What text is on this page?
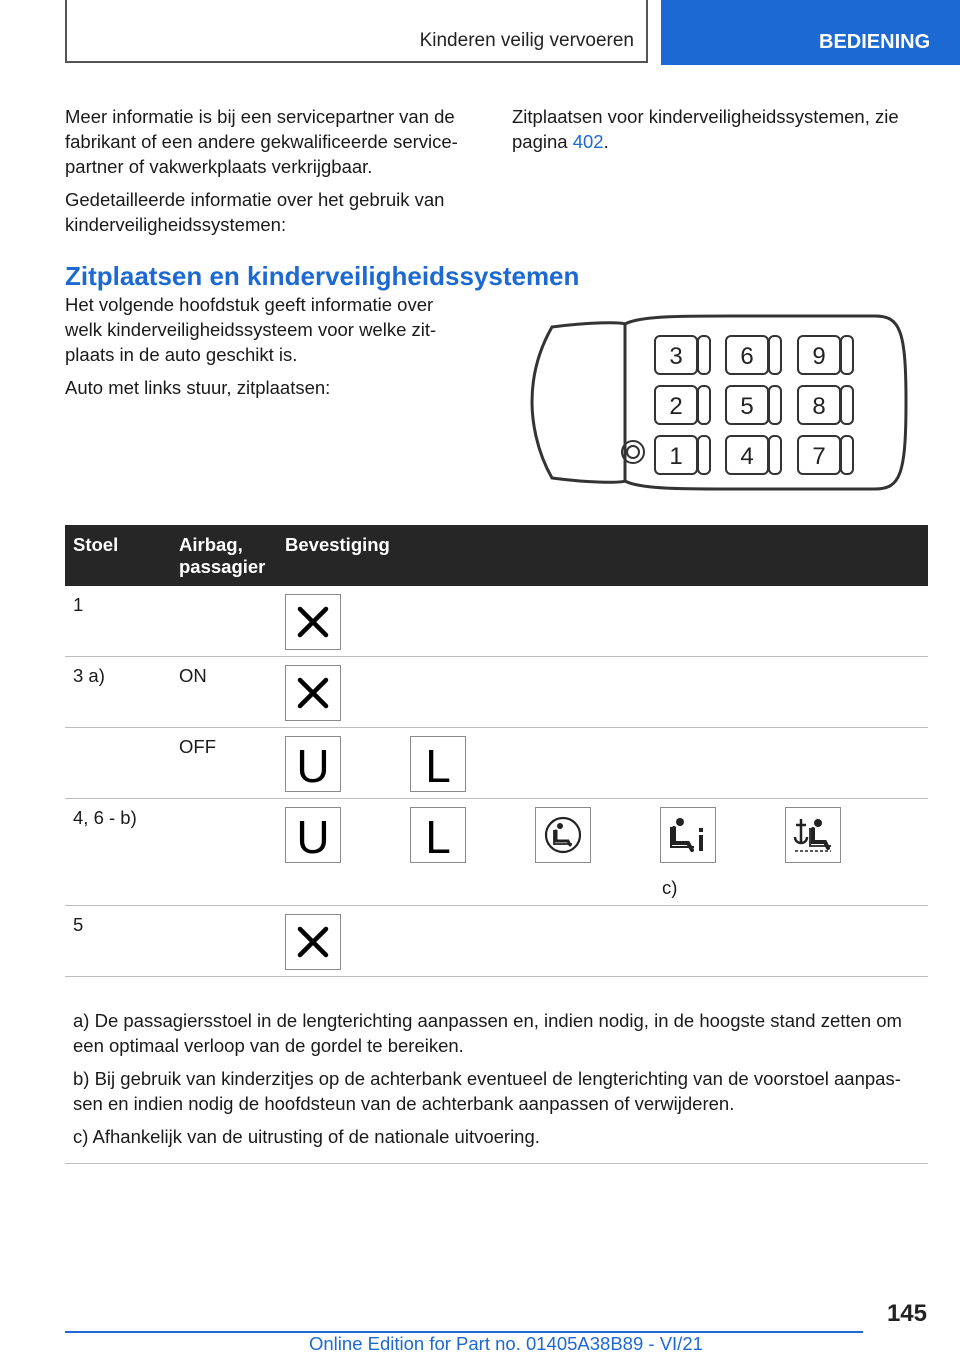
Kinderen veilig vervoeren	BEDIENING

Meer informatie is bij een servicepartner van de fabrikant of een andere gekwalificeerde servicepartner of vakwerkplaats verkrijgbaar.

Gedetailleerde informatie over het gebruik van kinderveiligheidssystemen:

Zitplaatsen voor kinderveiligheidssystemen, zie pagina 402.

Zitplaatsen en kinderveiligheidssystemen

Het volgende hoofdstuk geeft informatie over welk kinderveiligheidssysteem voor welke zitplaats in de auto geschikt is.

Auto met links stuur, zitplaatsen:

3 6 9
2 5 8
1 4 7
Stoel	Airbag, passagier	Bevestiging
1		

3 a)	ON	

	OFF	U L

4, 6 - b)		U L
c)

5		

a) De passagiersstoel in de lengterichting aanpassen en, indien nodig, in de hoogste stand zetten om een optimaal verloop van de gordel te bereiken.

b) Bij gebruik van kinderzitjes op de achterbank eventueel de lengterichting van de voorstoel aanpassen en indien nodig de hoofdsteun van de achterbank aanpassen of verwijderen.

c) Afhankelijk van de uitrusting of de nationale uitvoering.

145
Online Edition for Part no. 01405A38B89 - VI/21
